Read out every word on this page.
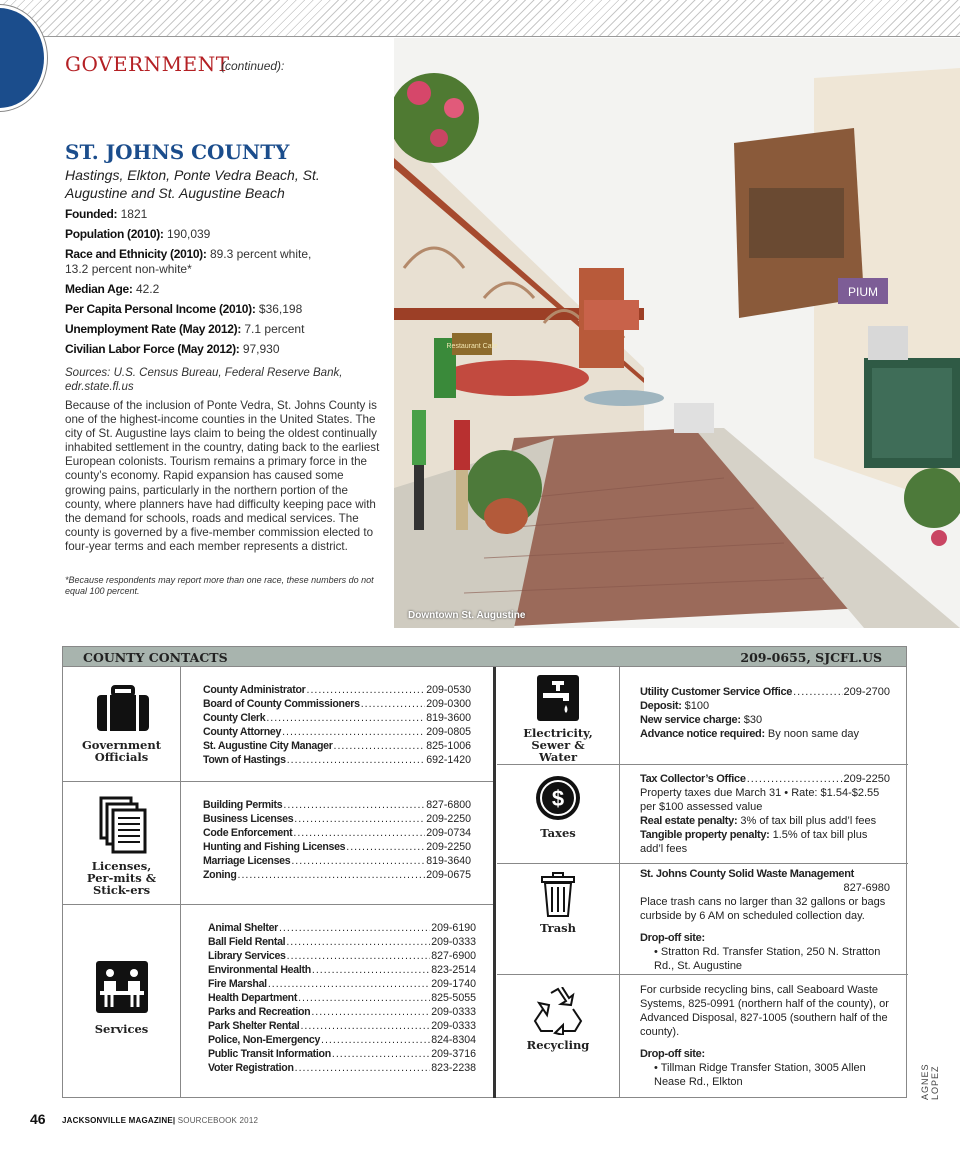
GOVERNMENT
(continued):
ST. JOHNS COUNTY
Hastings, Elkton, Ponte Vedra Beach, St. Augustine and St. Augustine Beach
Founded: 1821
Population (2010): 190,039
Race and Ethnicity (2010): 89.3 percent white, 13.2 percent non-white*
Median Age: 42.2
Per Capita Personal Income (2010): $36,198
Unemployment Rate (May 2012): 7.1 percent
Civilian Labor Force (May 2012): 97,930
Sources: U.S. Census Bureau, Federal Reserve Bank, edr.state.fl.us
Because of the inclusion of Ponte Vedra, St. Johns County is one of the highest-income counties in the United States. The city of St. Augustine lays claim to being the oldest continually inhabited settlement in the country, dating back to the earliest European colonists. Tourism remains a primary force in the county’s economy. Rapid expansion has caused some growing pains, particularly in the northern portion of the county, where planners have had difficulty keeping pace with the demand for schools, roads and medical services. The county is governed by a five-member commission elected to four-year terms and each member represents a district.
*Because respondents may report more than one race, these numbers do not equal 100 percent.
PIUM
Restaurant Cafe
Downtown St. Augustine
COUNTY CONTACTS	209-0655, SJCFL.US
Government Officials
County Administrator .....	209-0530
Board of County Commissioners .....	209-0300
County Clerk .....	819-3600
County Attorney .....	209-0805
St. Augustine City Manager .....	825-1006
Town of Hastings .....	692-1420
Licenses, Per-mits & Stick-ers
Building Permits .....	827-6800
Business Licenses .....	209-2250
Code Enforcement .....	209-0734
Hunting and Fishing Licenses .....	209-2250
Marriage Licenses .....	819-3640
Zoning .....	209-0675
Services
Animal Shelter .....	209-6190
Ball Field Rental .....	209-0333
Library Services .....	827-6900
Environmental Health .....	823-2514
Fire Marshal .....	209-1740
Health Department .....	825-5055
Parks and Recreation .....	209-0333
Park Shelter Rental .....	209-0333
Police, Non-Emergency .....	824-8304
Public Transit Information .....	209-3716
Voter Registration .....	823-2238
Electricity, Sewer & Water
Utility Customer Service Office .....	209-2700
Deposit: $100
New service charge: $30
Advance notice required: By noon same day
$
Taxes
Tax Collector’s Office .....	209-2250
Property taxes due March 31 • Rate: $1.54-$2.55 per $100 assessed value
Real estate penalty: 3% of tax bill plus add’l fees
Tangible property penalty: 1.5% of tax bill plus add’l fees
Trash
St. Johns County Solid Waste Management
827-6980
Place trash cans no larger than 32 gallons or bags curbside by 6 AM on scheduled collection day.
Drop-off site:
• Stratton Rd. Transfer Station, 250 N. Stratton Rd., St. Augustine
Recycling
For curbside recycling bins, call Seaboard Waste Systems, 825-0991 (northern half of the county), or Advanced Disposal, 827-1005 (southern half of the county).
Drop-off site:
• Tillman Ridge Transfer Station, 3005 Allen Nease Rd., Elkton
46 JACKSONVILLE MAGAZINE| SOURCEBOOK 2012
AGNES LOPEZ
